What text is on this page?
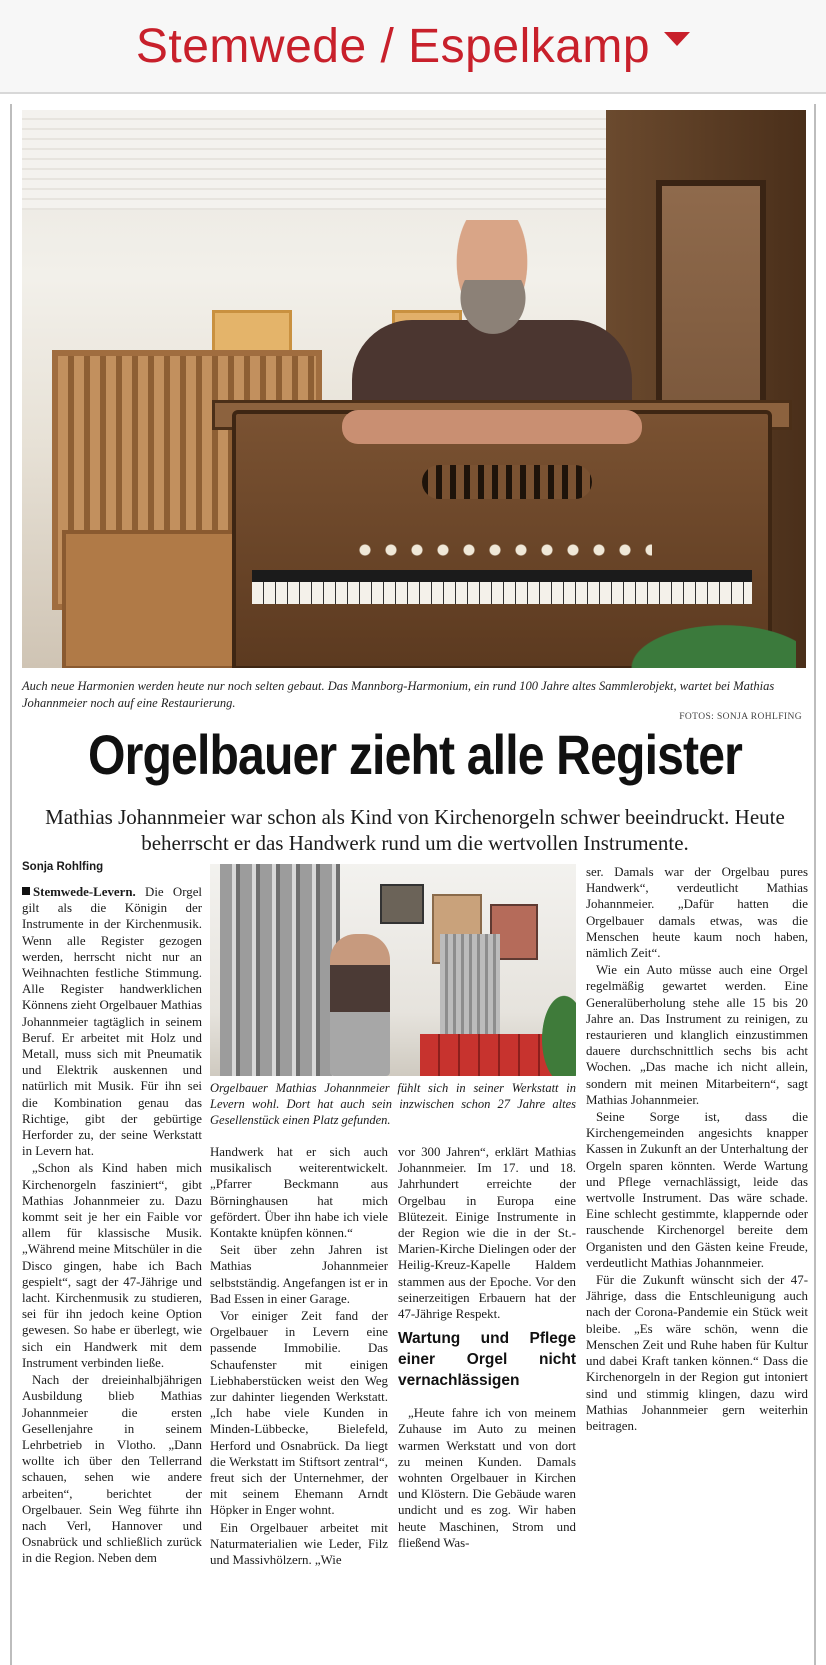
Stemwede / Espelkamp
Auch neue Harmonien werden heute nur noch selten gebaut. Das Mannborg-Harmonium, ein rund 100 Jahre altes Sammlerobjekt, wartet bei Mathias Johannmeier noch auf eine Restaurierung.
FOTOS: SONJA ROHLFING
Orgelbauer zieht alle Register
Mathias Johannmeier war schon als Kind von Kirchenorgeln schwer beeindruckt. Heute beherrscht er das Handwerk rund um die wertvollen Instrumente.
Sonja Rohlfing

Stemwede-Levern. Die Orgel gilt als die Königin der Instrumente in der Kirchenmusik. Wenn alle Register gezogen werden, herrscht nicht nur an Weihnachten festliche Stimmung. Alle Register handwerklichen Könnens zieht Orgelbauer Mathias Johannmeier tagtäglich in seinem Beruf. Er arbeitet mit Holz und Metall, muss sich mit Pneumatik und Elektrik auskennen und natürlich mit Musik. Für ihn sei die Kombination genau das Richtige, gibt der gebürtige Herforder zu, der seine Werkstatt in Levern hat.

„Schon als Kind haben mich Kirchenorgeln fasziniert“, gibt Mathias Johannmeier zu. Dazu kommt seit je her ein Faible vor allem für klassische Musik. „Während meine Mitschüler in die Disco gingen, habe ich Bach gespielt“, sagt der 47-Jährige und lacht. Kirchenmusik zu studieren, sei für ihn jedoch keine Option gewesen. So habe er überlegt, wie sich ein Handwerk mit dem Instrument verbinden ließe.

Nach der dreieinhalbjährigen Ausbildung blieb Mathias Johannmeier die ersten Gesellenjahre in seinem Lehrbetrieb in Vlotho. „Dann wollte ich über den Tellerrand schauen, sehen wie andere arbeiten“, berichtet der Orgelbauer. Sein Weg führte ihn nach Verl, Hannover und Osnabrück und schließlich zurück in die Region. Neben dem

Orgelbauer Mathias Johannmeier fühlt sich in seiner Werkstatt in Levern wohl. Dort hat auch sein inzwischen schon 27 Jahre altes Gesellenstück einen Platz gefunden.

Handwerk hat er sich auch musikalisch weiterentwickelt. „Pfarrer Beckmann aus Börninghausen hat mich gefördert. Über ihn habe ich viele Kontakte knüpfen können.“

Seit über zehn Jahren ist Mathias Johannmeier selbstständig. Angefangen ist er in Bad Essen in einer Garage.

Vor einiger Zeit fand der Orgelbauer in Levern eine passende Immobilie. Das Schaufenster mit einigen Liebhaberstücken weist den Weg zur dahinter liegenden Werkstatt. „Ich habe viele Kunden in Minden-Lübbecke, Bielefeld, Herford und Osnabrück. Da liegt die Werkstatt im Stiftsort zentral“, freut sich der Unternehmer, der mit seinem Ehemann Arndt Höpker in Enger wohnt.

Ein Orgelbauer arbeitet mit Naturmaterialien wie Leder, Filz und Massivhölzern. „Wie

vor 300 Jahren“, erklärt Mathias Johannmeier. Im 17. und 18. Jahrhundert erreichte der Orgelbau in Europa eine Blütezeit. Einige Instrumente in der Region wie die in der St.-Marien-Kirche Dielingen oder der Heilig-Kreuz-Kapelle Haldem stammen aus der Epoche. Vor den seinerzeitigen Erbauern hat der 47-Jährige Respekt.

Wartung und Pflege einer Orgel nicht vernachlässigen

„Heute fahre ich von meinem Zuhause im Auto zu meinen warmen Werkstatt und von dort zu meinen Kunden. Damals wohnten Orgelbauer in Kirchen und Klöstern. Die Gebäude waren undicht und es zog. Wir haben heute Maschinen, Strom und fließend Was-

ser. Damals war der Orgelbau pures Handwerk“, verdeutlicht Mathias Johannmeier. „Dafür hatten die Orgelbauer damals etwas, was die Menschen heute kaum noch haben, nämlich Zeit“.

Wie ein Auto müsse auch eine Orgel regelmäßig gewartet werden. Eine Generalüberholung stehe alle 15 bis 20 Jahre an. Das Instrument zu reinigen, zu restaurieren und klanglich einzustimmen dauere durchschnittlich sechs bis acht Wochen. „Das mache ich nicht allein, sondern mit meinen Mitarbeitern“, sagt Mathias Johannmeier.

Seine Sorge ist, dass die Kirchengemeinden angesichts knapper Kassen in Zukunft an der Unterhaltung der Orgeln sparen könnten. Werde Wartung und Pflege vernachlässigt, leide das wertvolle Instrument. Das wäre schade. Eine schlecht gestimmte, klappernde oder rauschende Kirchenorgel bereite dem Organisten und den Gästen keine Freude, verdeutlicht Mathias Johannmeier.

Für die Zukunft wünscht sich der 47-Jährige, dass die Entschleunigung auch nach der Corona-Pandemie ein Stück weit bleibe. „Es wäre schön, wenn die Menschen Zeit und Ruhe haben für Kultur und dabei Kraft tanken können.“ Dass die Kirchenorgeln in der Region gut intoniert sind und stimmig klingen, dazu wird Mathias Johannmeier gern weiterhin beitragen.
